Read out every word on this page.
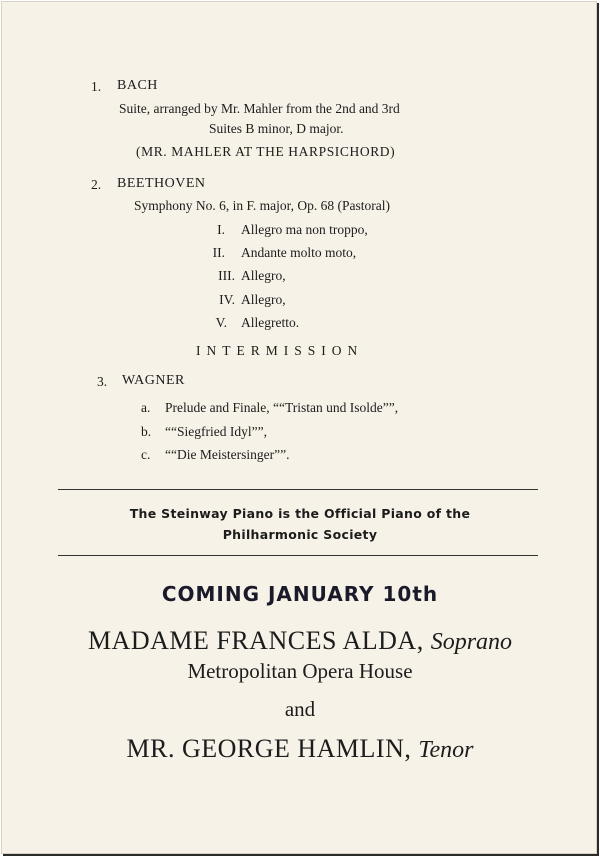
1. BACH
Suite, arranged by Mr. Mahler from the 2nd and 3rd
Suites B minor, D major.
(MR. MAHLER AT THE HARPSICHORD)
2. BEETHOVEN
Symphony No. 6, in F. major, Op. 68 (Pastoral)
I. Allegro ma non troppo,
II. Andante molto moto,
III. Allegro,
IV. Allegro,
V. Allegretto.
INTERMISSION
3. WAGNER
a. Prelude and Finale, ““Tristan und Isolde””,
b. ““Siegfried Idyl””,
c. ““Die Meistersinger””.
The Steinway Piano is the Official Piano of the
Philharmonic Society
COMING JANUARY 10th
MADAME FRANCES ALDA, Soprano
Metropolitan Opera House
and
MR. GEORGE HAMLIN, Tenor
